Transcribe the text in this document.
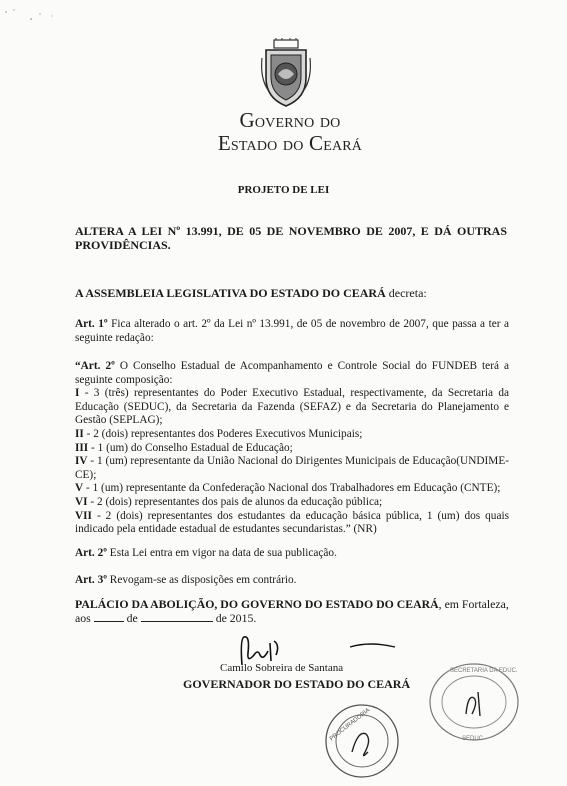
GOVERNO DO
ESTADO DO CEARÁ
PROJETO DE LEI
ALTERA A LEI Nº 13.991, DE 05 DE NOVEMBRO DE 2007, E DÁ OUTRAS PROVIDÊNCIAS.
A ASSEMBLEIA LEGISLATIVA DO ESTADO DO CEARÁ decreta:
Art. 1º Fica alterado o art. 2º da Lei nº 13.991, de 05 de novembro de 2007, que passa a ter a seguinte redação:
“Art. 2º O Conselho Estadual de Acompanhamento e Controle Social do FUNDEB terá a seguinte composição:
I - 3 (três) representantes do Poder Executivo Estadual, respectivamente, da Secretaria da Educação (SEDUC), da Secretaria da Fazenda (SEFAZ) e da Secretaria do Planejamento e Gestão (SEPLAG);
II - 2 (dois) representantes dos Poderes Executivos Municipais;
III - 1 (um) do Conselho Estadual de Educação;
IV - 1 (um) representante da União Nacional do Dirigentes Municipais de Educação(UNDIME-CE);
V - 1 (um) representante da Confederação Nacional dos Trabalhadores em Educação (CNTE);
VI - 2 (dois) representantes dos pais de alunos da educação pública;
VII - 2 (dois) representantes dos estudantes da educação básica pública, 1 (um) dos quais indicado pela entidade estadual de estudantes secundaristas.” (NR)
Art. 2º Esta Lei entra em vigor na data de sua publicação.
Art. 3º Revogam-se as disposições em contrário.
PALÁCIO DA ABOLIÇÃO, DO GOVERNO DO ESTADO DO CEARÁ, em Fortaleza,
aos	de	de 2015.
Camilo Sobreira de Santana
GOVERNADOR DO ESTADO DO CEARÁ
PROCURADORIA
SECRETARIA DA EDUC.
SEDUC
